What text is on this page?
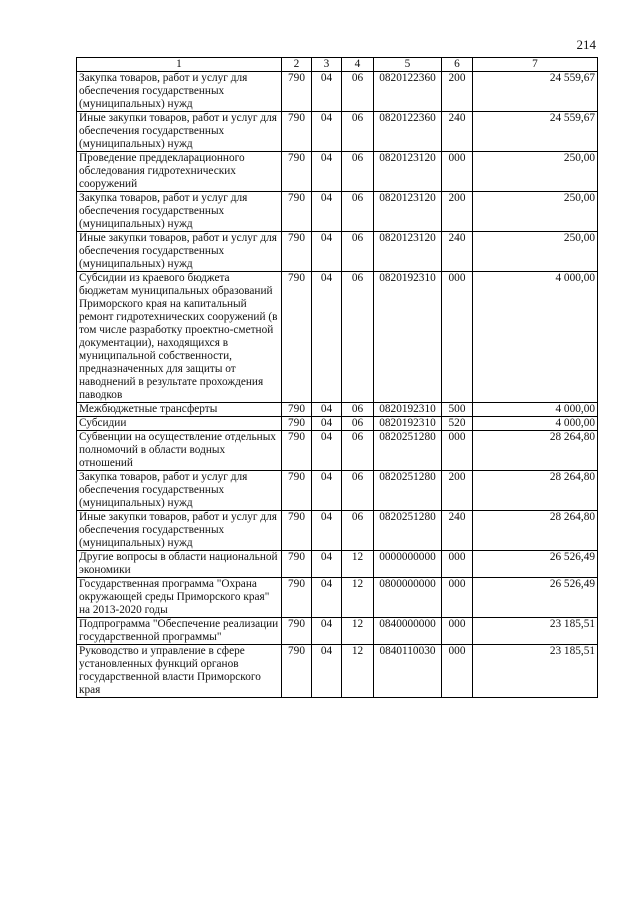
214
1	2	3	4	5	6	7
Закупка товаров, работ и услуг для обеспечения государственных (муниципальных) нужд	790	04	06	0820122360	200	24 559,67
Иные закупки товаров, работ и услуг для обеспечения государственных (муниципальных) нужд	790	04	06	0820122360	240	24 559,67
Проведение преддекларационного обследования гидротехнических сооружений	790	04	06	0820123120	000	250,00
Закупка товаров, работ и услуг для обеспечения государственных (муниципальных) нужд	790	04	06	0820123120	200	250,00
Иные закупки товаров, работ и услуг для обеспечения государственных (муниципальных) нужд	790	04	06	0820123120	240	250,00
Субсидии из краевого бюджета бюджетам муниципальных образований Приморского края на капитальный ремонт гидротехнических сооружений (в том числе разработку проектно-сметной документации), находящихся в муниципальной собственности, предназначенных для защиты от наводнений в результате прохождения паводков	790	04	06	0820192310	000	4 000,00
Межбюджетные трансферты	790	04	06	0820192310	500	4 000,00
Субсидии	790	04	06	0820192310	520	4 000,00
Субвенции на осуществление отдельных полномочий в области водных отношений	790	04	06	0820251280	000	28 264,80
Закупка товаров, работ и услуг для обеспечения государственных (муниципальных) нужд	790	04	06	0820251280	200	28 264,80
Иные закупки товаров, работ и услуг для обеспечения государственных (муниципальных) нужд	790	04	06	0820251280	240	28 264,80
Другие вопросы в области национальной экономики	790	04	12	0000000000	000	26 526,49
Государственная программа "Охрана окружающей среды Приморского края" на 2013-2020 годы	790	04	12	0800000000	000	26 526,49
Подпрограмма "Обеспечение реализации государственной программы"	790	04	12	0840000000	000	23 185,51
Руководство и управление в сфере установленных функций органов государственной власти Приморского края	790	04	12	0840110030	000	23 185,51
